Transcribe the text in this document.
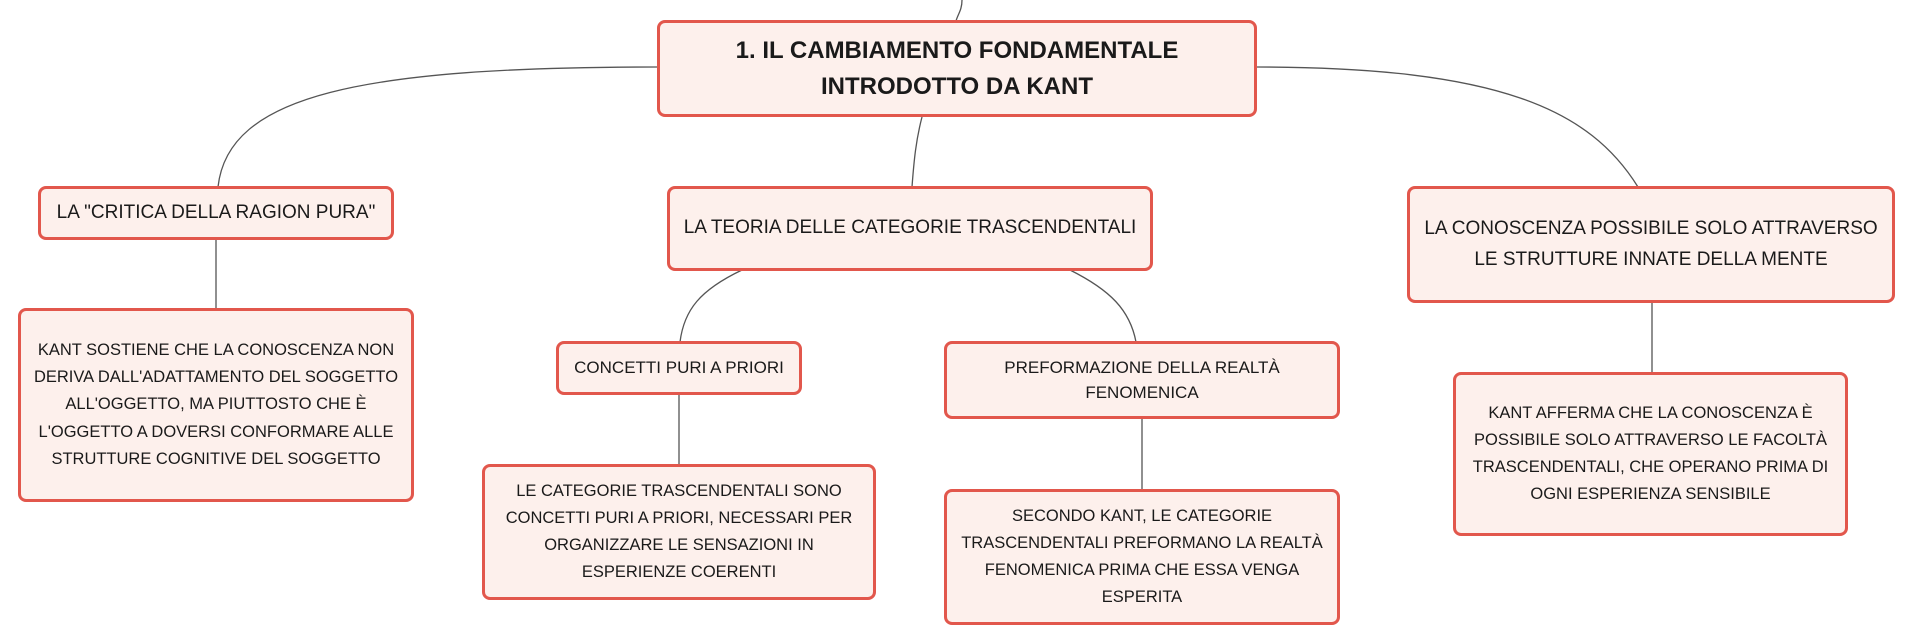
1. IL CAMBIAMENTO FONDAMENTALE INTRODOTTO DA KANT
LA "CRITICA DELLA RAGION PURA"
LA TEORIA DELLE CATEGORIE TRASCENDENTALI	LA CONOSCENZA POSSIBILE SOLO ATTRAVERSO LE STRUTTURE INNATE DELLA MENTE
KANT SOSTIENE CHE LA CONOSCENZA NON DERIVA DALL'ADATTAMENTO DEL SOGGETTO ALL'OGGETTO, MA PIUTTOSTO CHE È L'OGGETTO A DOVERSI CONFORMARE ALLE STRUTTURE COGNITIVE DEL SOGGETTO
CONCETTI PURI A PRIORI	PREFORMAZIONE DELLA REALTÀ FENOMENICA
LE CATEGORIE TRASCENDENTALI SONO CONCETTI PURI A PRIORI, NECESSARI PER ORGANIZZARE LE SENSAZIONI IN ESPERIENZE COERENTI
SECONDO KANT, LE CATEGORIE TRASCENDENTALI PREFORMANO LA REALTÀ FENOMENICA PRIMA CHE ESSA VENGA ESPERITA
KANT AFFERMA CHE LA CONOSCENZA È POSSIBILE SOLO ATTRAVERSO LE FACOLTÀ TRASCENDENTALI, CHE OPERANO PRIMA DI OGNI ESPERIENZA SENSIBILE
